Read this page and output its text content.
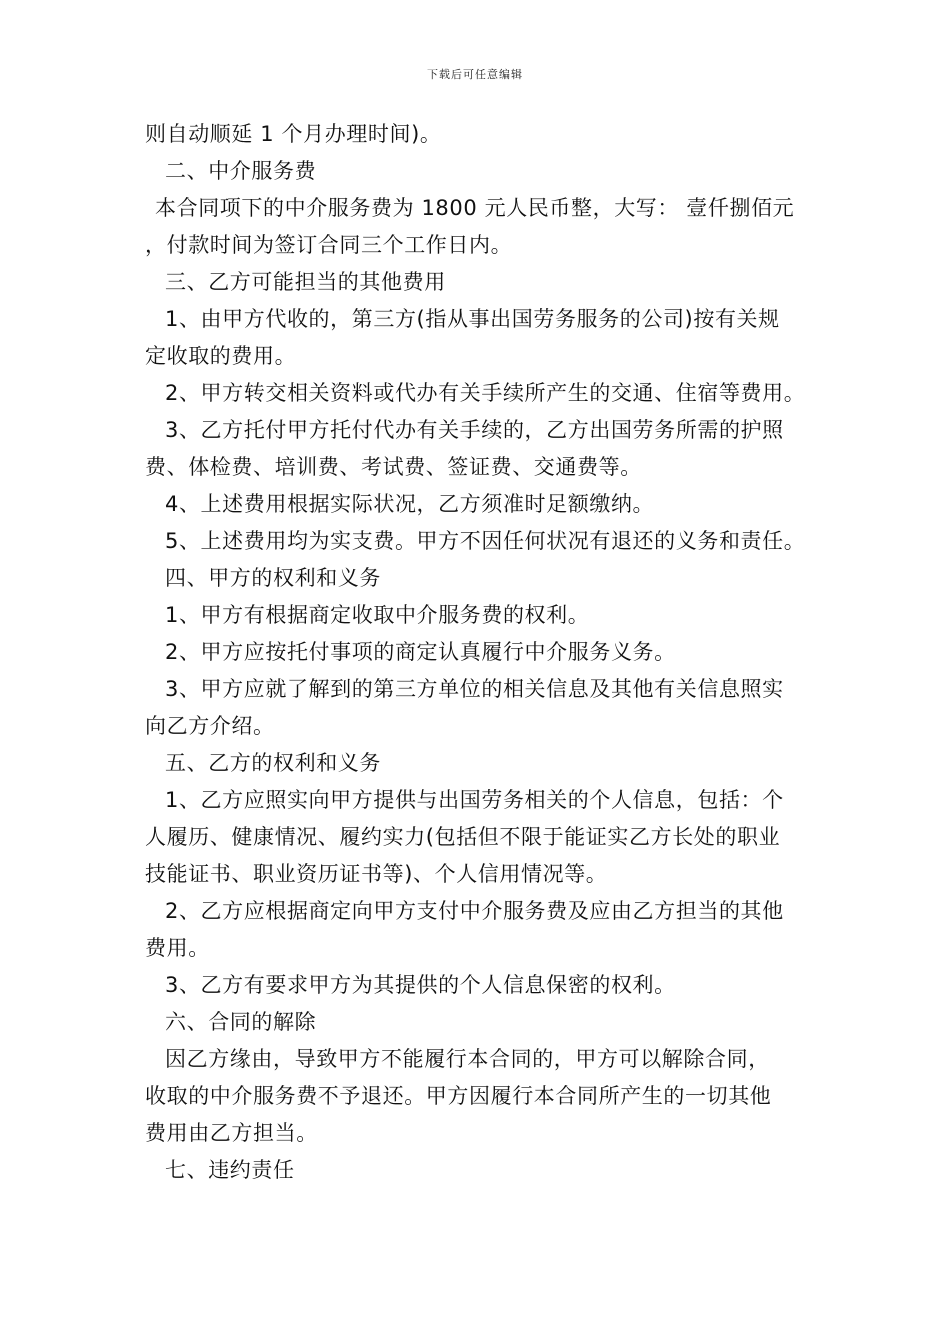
下载后可任意编辑
则自动顺延 1 个月办理时间)。
二、中介服务费
本合同项下的中介服务费为 1800 元人民币整，大写： 壹仟捌佰元
，付款时间为签订合同三个工作日内。
三、乙方可能担当的其他费用
1、由甲方代收的，第三方(指从事出国劳务服务的公司)按有关规
定收取的费用。
2、甲方转交相关资料或代办有关手续所产生的交通、住宿等费用。
3、乙方托付甲方托付代办有关手续的，乙方出国劳务所需的护照
费、体检费、培训费、考试费、签证费、交通费等。
4、上述费用根据实际状况，乙方须准时足额缴纳。
5、上述费用均为实支费。甲方不因任何状况有退还的义务和责任。
四、甲方的权利和义务
1、甲方有根据商定收取中介服务费的权利。
2、甲方应按托付事项的商定认真履行中介服务义务。
3、甲方应就了解到的第三方单位的相关信息及其他有关信息照实
向乙方介绍。
五、乙方的权利和义务
1、乙方应照实向甲方提供与出国劳务相关的个人信息，包括：个
人履历、健康情况、履约实力(包括但不限于能证实乙方长处的职业
技能证书、职业资历证书等)、个人信用情况等。
2、乙方应根据商定向甲方支付中介服务费及应由乙方担当的其他
费用。
3、乙方有要求甲方为其提供的个人信息保密的权利。
六、合同的解除
因乙方缘由，导致甲方不能履行本合同的，甲方可以解除合同，
收取的中介服务费不予退还。甲方因履行本合同所产生的一切其他
费用由乙方担当。
七、违约责任
